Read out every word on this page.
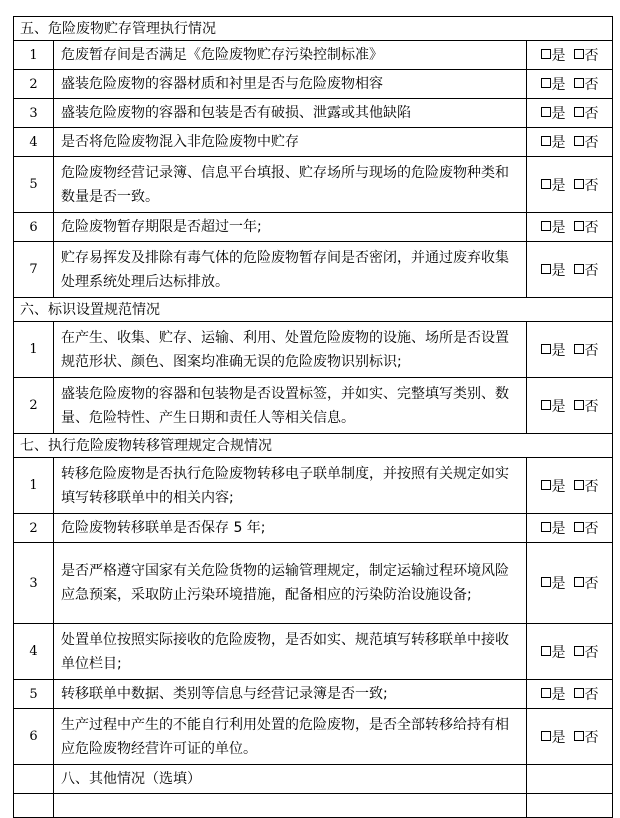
五、危险废物贮存管理执行情况		
1	危废暂存间是否满足《危险废物贮存污染控制标准》	是 否
2	盛装危险废物的容器材质和衬里是否与危险废物相容	是 否
3	盛装危险废物的容器和包装是否有破损、泄露或其他缺陷	是 否
4	是否将危险废物混入非危险废物中贮存	是 否
5	危险废物经营记录簿、信息平台填报、贮存场所与现场的危险废物种类和数量是否一致。	是 否
6	危险废物暂存期限是否超过一年;	是 否
7	贮存易挥发及排除有毒气体的危险废物暂存间是否密闭，并通过废弃收集处理系统处理后达标排放。	是 否
六、标识设置规范情况		
1	在产生、收集、贮存、运输、利用、处置危险废物的设施、场所是否设置规范形状、颜色、图案均准确无误的危险废物识别标识;	是 否
2	盛装危险废物的容器和包装物是否设置标签，并如实、完整填写类别、数量、危险特性、产生日期和责任人等相关信息。	是 否
七、执行危险废物转移管理规定合规情况		
1	转移危险废物是否执行危险废物转移电子联单制度，并按照有关规定如实填写转移联单中的相关内容;	是 否
2	危险废物转移联单是否保存 5 年;	是 否
3	是否严格遵守国家有关危险货物的运输管理规定，制定运输过程环境风险应急预案，采取防止污染环境措施，配备相应的污染防治设施设备;	是 否
4	处置单位按照实际接收的危险废物，是否如实、规范填写转移联单中接收单位栏目;	是 否
5	转移联单中数据、类别等信息与经营记录簿是否一致;	是 否
6	生产过程中产生的不能自行利用处置的危险废物，是否全部转移给持有相应危险废物经营许可证的单位。	是 否
	八、其他情况（选填）	
